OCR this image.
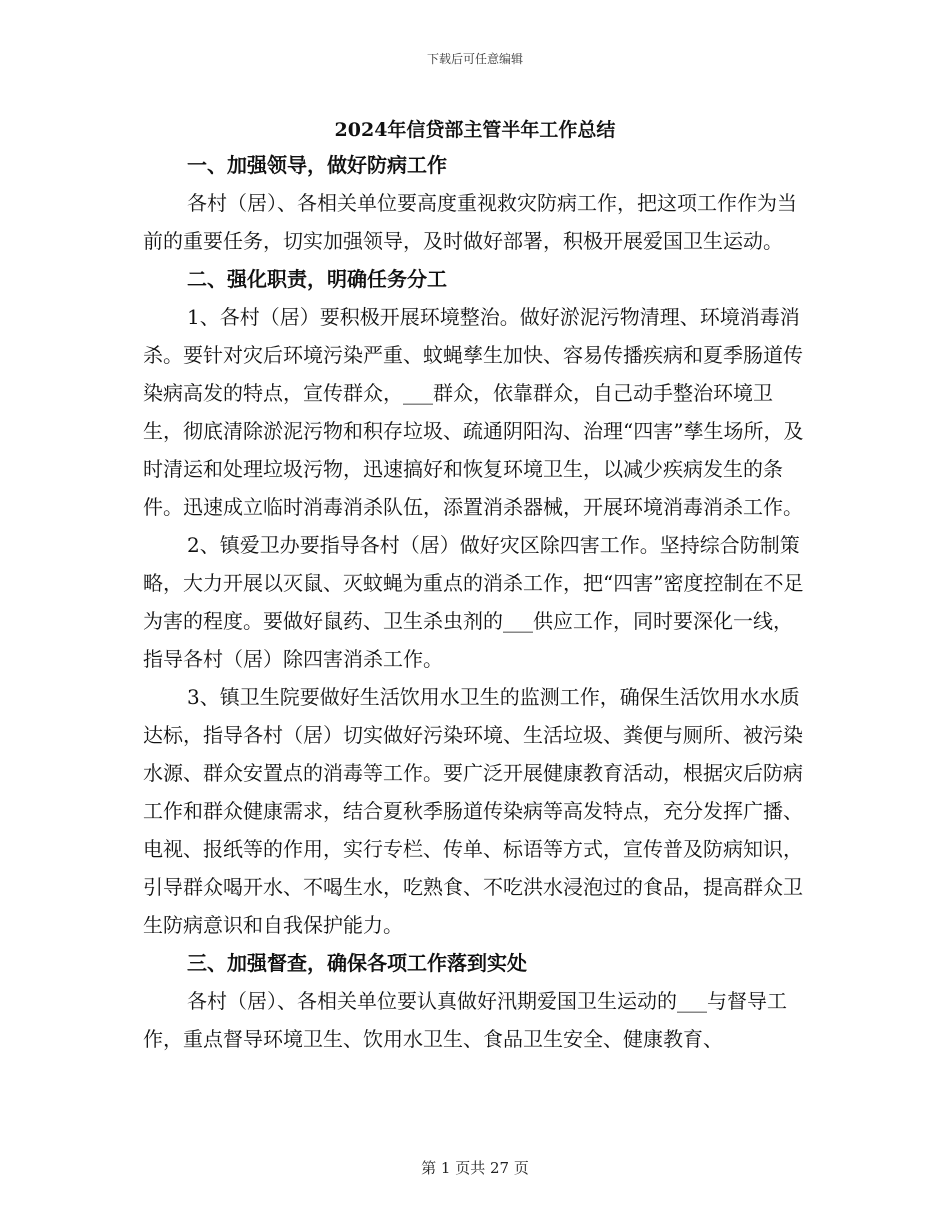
下载后可任意编辑
2024年信贷部主管半年工作总结

一、加强领导，做好防病工作

各村（居）、各相关单位要高度重视救灾防病工作，把这项工作作为当前的重要任务，切实加强领导，及时做好部署，积极开展爱国卫生运动。

二、强化职责，明确任务分工

1、各村（居）要积极开展环境整治。做好淤泥污物清理、环境消毒消杀。要针对灾后环境污染严重、蚊蝇孳生加快、容易传播疾病和夏季肠道传染病高发的特点，宣传群众，___群众，依靠群众，自己动手整治环境卫生，彻底清除淤泥污物和积存垃圾、疏通阴阳沟、治理“四害”孳生场所，及时清运和处理垃圾污物，迅速搞好和恢复环境卫生，以减少疾病发生的条件。迅速成立临时消毒消杀队伍，添置消杀器械，开展环境消毒消杀工作。

2、镇爱卫办要指导各村（居）做好灾区除四害工作。坚持综合防制策略，大力开展以灭鼠、灭蚊蝇为重点的消杀工作，把“四害”密度控制在不足为害的程度。要做好鼠药、卫生杀虫剂的___供应工作，同时要深化一线，指导各村（居）除四害消杀工作。

3、镇卫生院要做好生活饮用水卫生的监测工作，确保生活饮用水水质达标，指导各村（居）切实做好污染环境、生活垃圾、粪便与厕所、被污染水源、群众安置点的消毒等工作。要广泛开展健康教育活动，根据灾后防病工作和群众健康需求，结合夏秋季肠道传染病等高发特点，充分发挥广播、电视、报纸等的作用，实行专栏、传单、标语等方式，宣传普及防病知识，引导群众喝开水、不喝生水，吃熟食、不吃洪水浸泡过的食品，提高群众卫生防病意识和自我保护能力。

三、加强督查，确保各项工作落到实处

各村（居）、各相关单位要认真做好汛期爱国卫生运动的___与督导工作，重点督导环境卫生、饮用水卫生、食品卫生安全、健康教育、

第 1 页共 27 页
